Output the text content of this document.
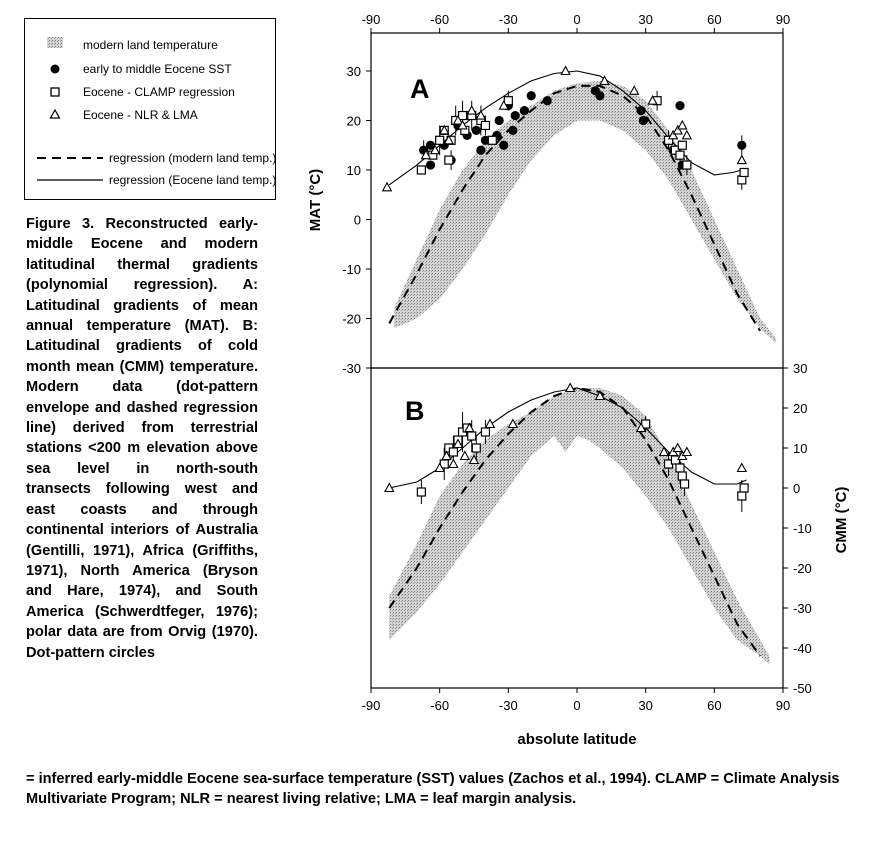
modern land temperature
early to middle Eocene SST
Eocene - CLAMP regression
Eocene - NLR & LMA
regression (modern land temp.)
regression (Eocene land temp.)
Figure 3. Reconstructed early-middle Eocene and modern latitudinal thermal gradients (polynomial regression). A: Latitudinal gradients of mean annual temperature (MAT). B: Latitudinal gradients of cold month mean (CMM) temperature. Modern data (dot-pattern envelope and dashed regression line) derived from terrestrial stations <200 m elevation above sea level in north-south transects following west and east coasts and through continental interiors of Australia (Gentilli, 1971), Africa (Griffiths, 1971), North America (Bryson and Hare, 1974), and South America (Schwerdtfeger, 1976); polar data are from Orvig (1970). Dot-pattern circles
= inferred early-middle Eocene sea-surface temperature (SST) values (Zachos et al., 1994). CLAMP = Climate Analysis Multivariate Program; NLR = nearest living relative; LMA = leaf margin analysis.
A
MAT (°C)
-90	-60	-30	0	30	60	90
-30
-20
-10
0
10
20
30
B
CMM (°C)
absolute latitude
-90	-60	-30	0	30	60	90
-50
-40
-30
-20
-10
0
10
20
30
